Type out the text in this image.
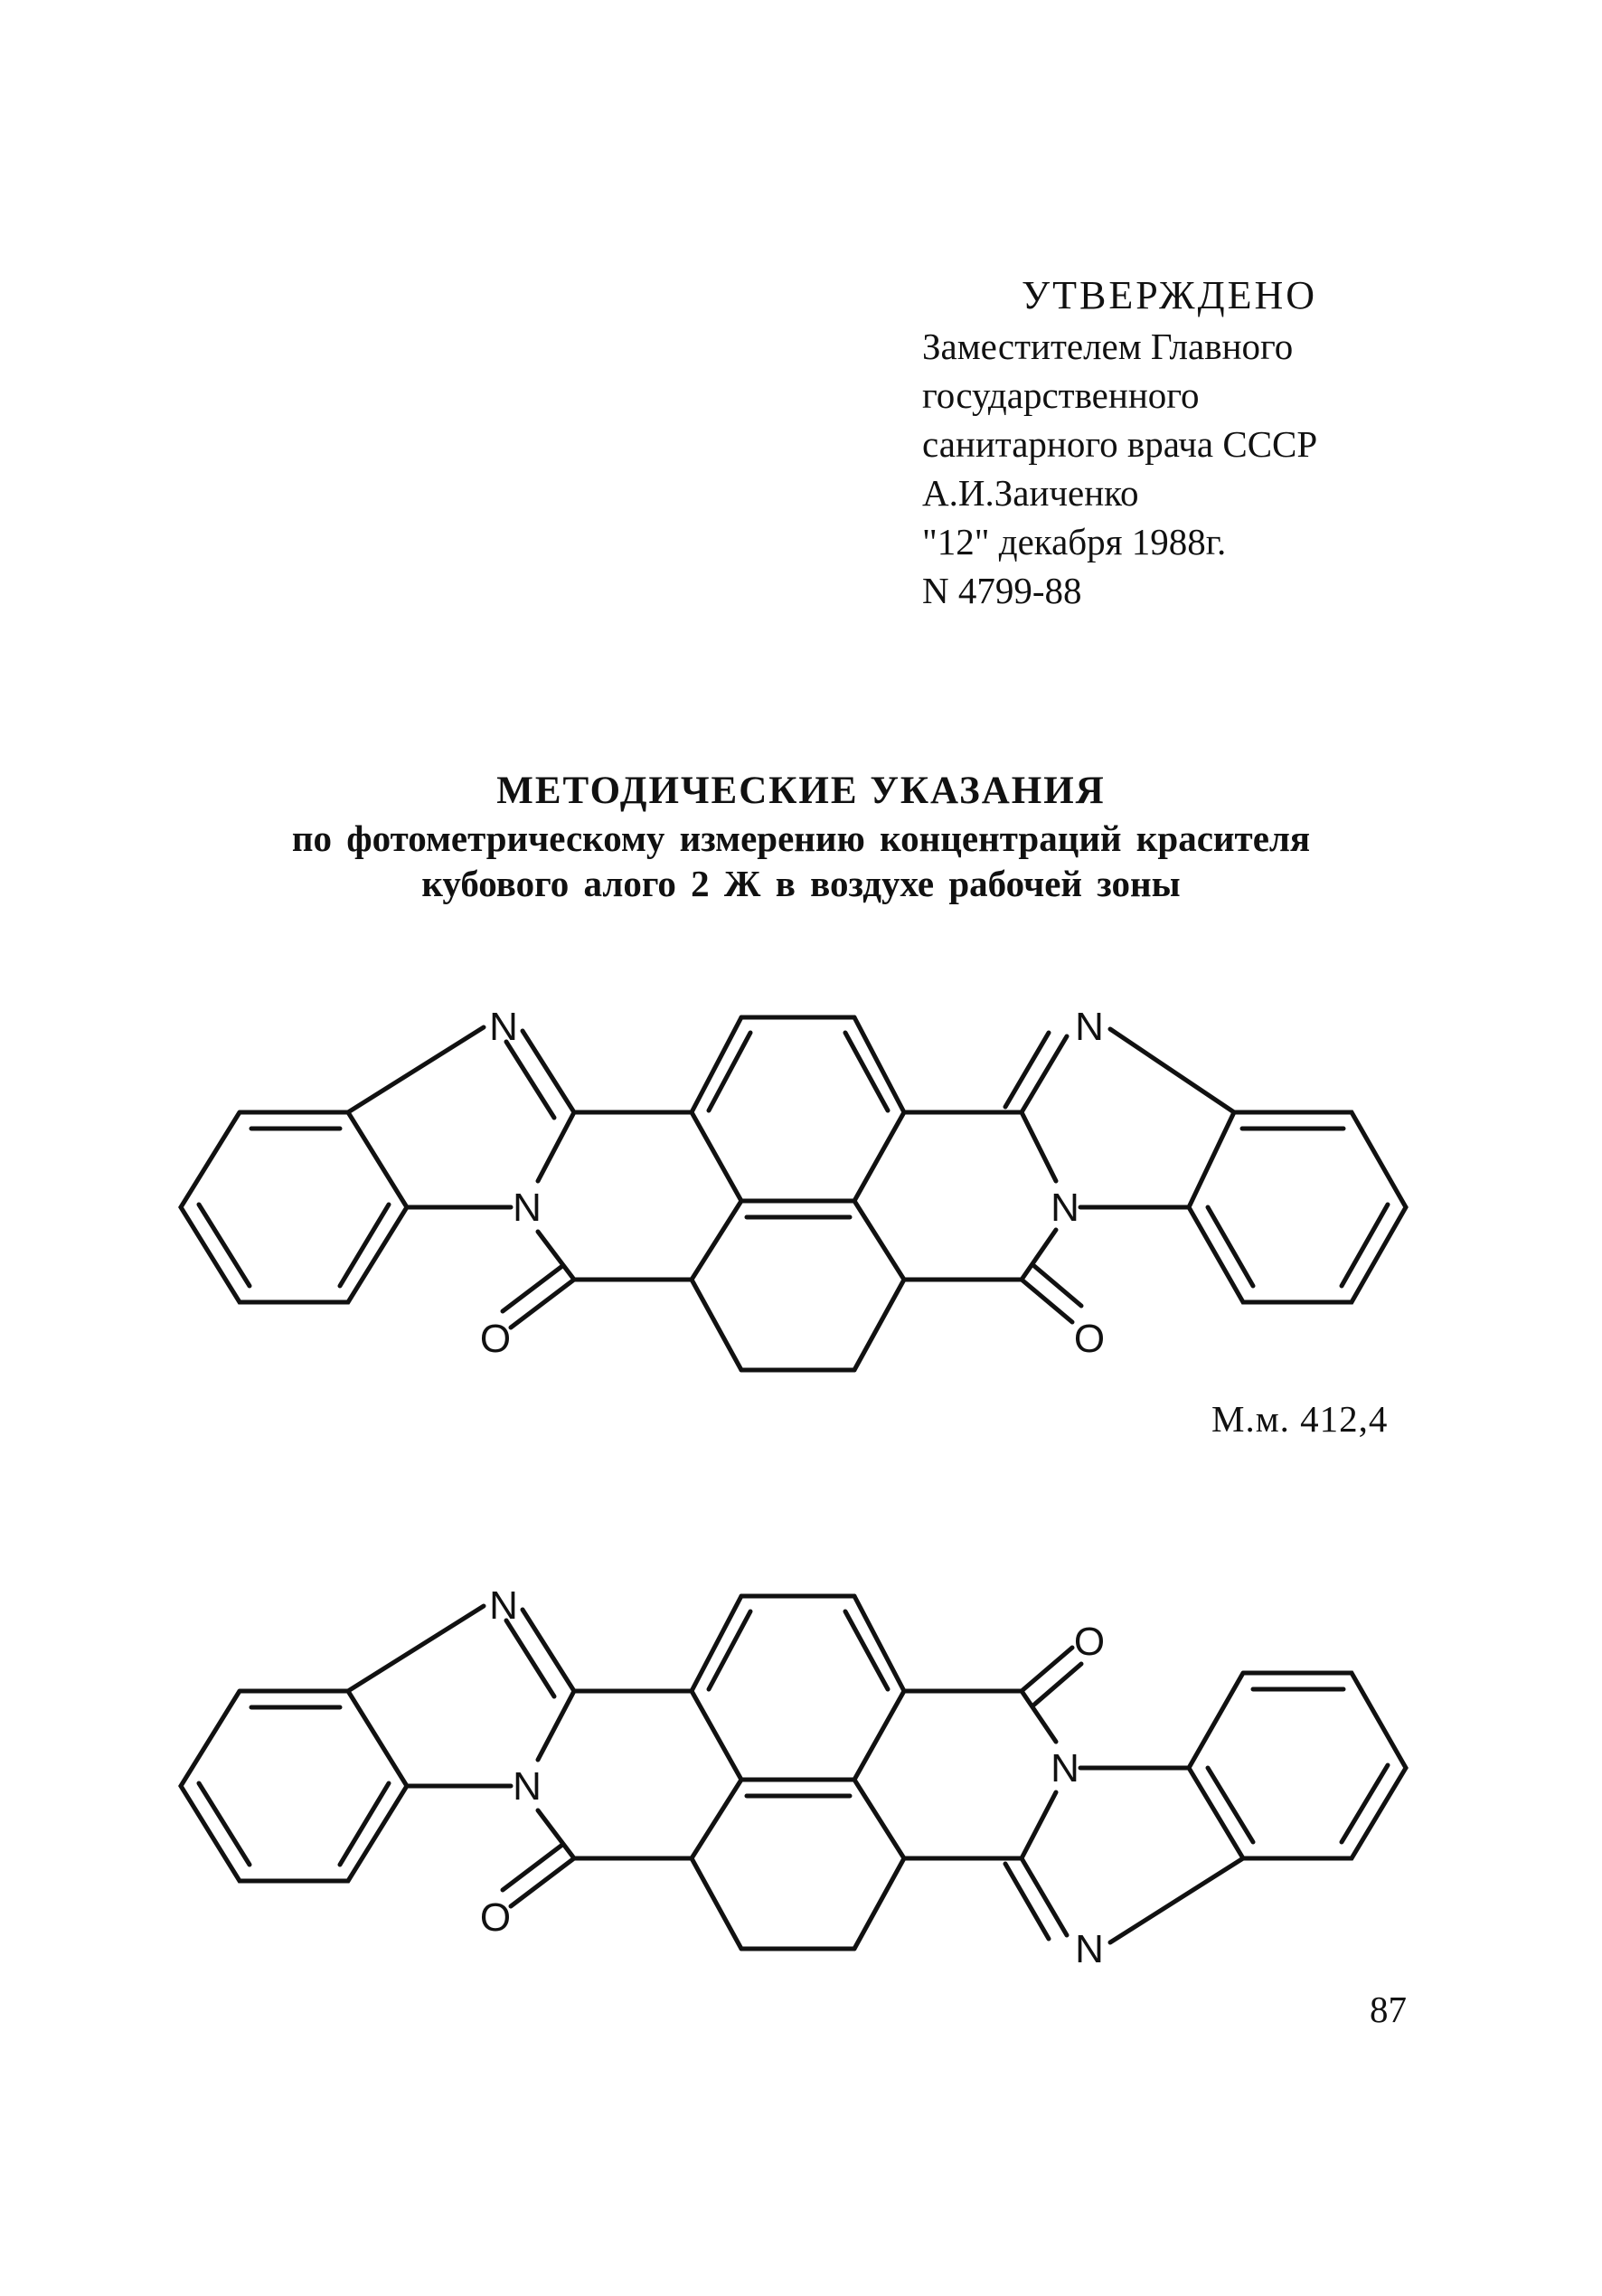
УТВЕРЖДЕНО
Заместителем Главного
государственного
санитарного врача СССР
А.И.Заиченко
"12" декабря 1988г.
N 4799-88
МЕТОДИЧЕСКИЕ УКАЗАНИЯ
по фотометрическому измерению концентраций красителя
кубового алого 2 Ж в воздухе рабочей зоны
N
N
O
N
N
O
М.м. 412,4
N
N
O
O
N
N
87
